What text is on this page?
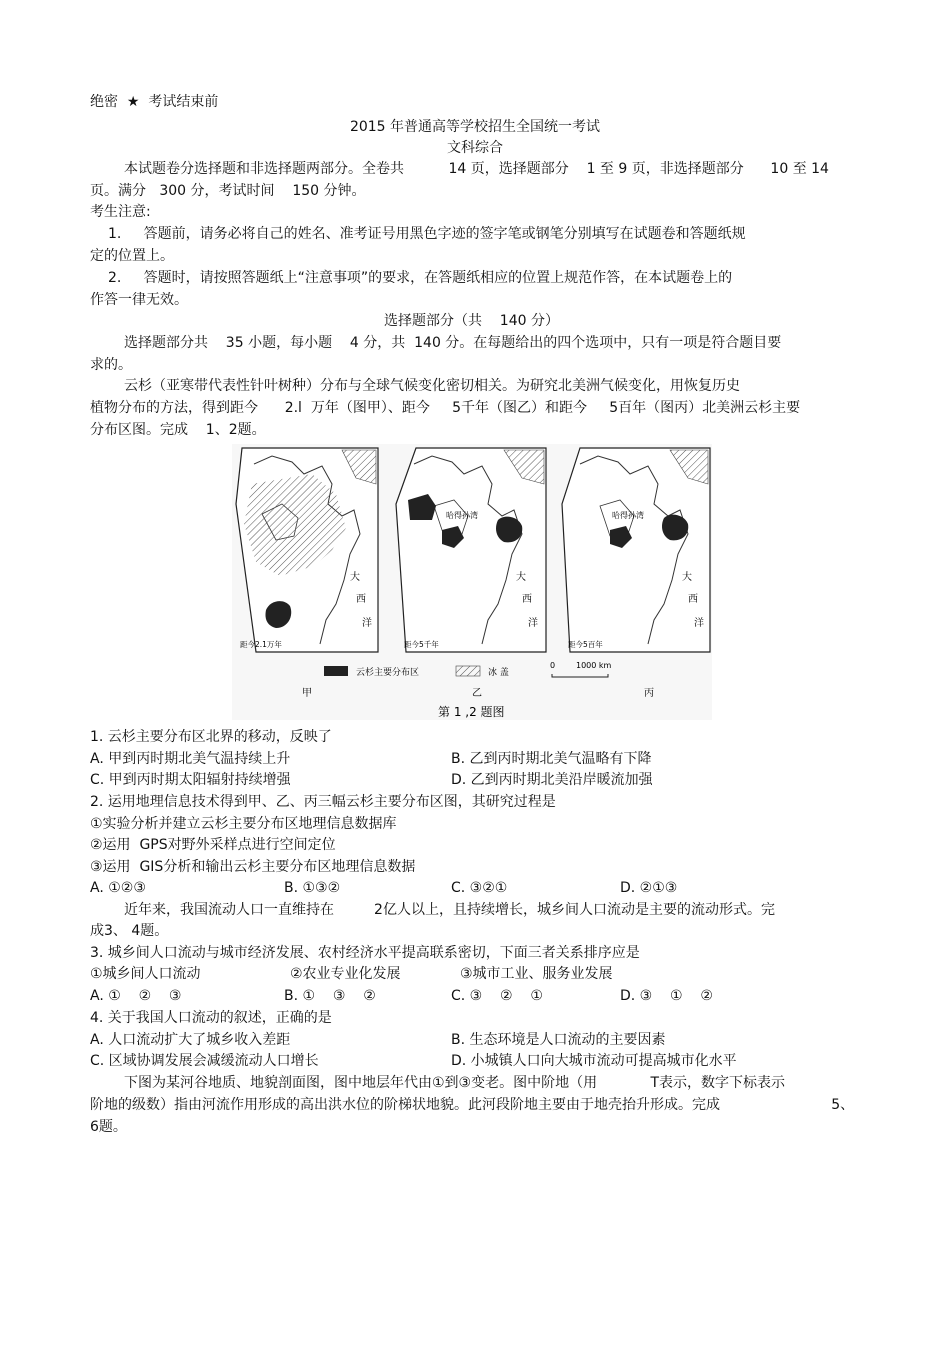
绝密  ★  考试结束前
2015 年普通高等学校招生全国统一考试
文科综合
本试题卷分选择题和非选择题两部分。全卷共          14 页，选择题部分    1 至 9 页，非选择题部分      10 至 14
页。满分   300 分，考试时间    150 分钟。
考生注意:
1.     答题前，请务必将自己的姓名、准考证号用黑色字迹的签字笔或钢笔分别填写在试题卷和答题纸规
定的位置上。
2.     答题时，请按照答题纸上“注意事项”的要求，在答题纸相应的位置上规范作答，在本试题卷上的
作答一律无效。
选择题部分（共    140 分）
选择题部分共    35 小题，每小题    4 分，共  140 分。在每题给出的四个选项中，只有一项是符合题目要
求的。
云杉（亚寒带代表性针叶树种）分布与全球气候变化密切相关。为研究北美洲气候变化，用恢复历史
植物分布的方法，得到距今      2.l  万年（图甲）、距今     5千年（图乙）和距今     5百年（图丙）北美洲云杉主要
分布区图。完成    1、2题。
大
西
洋
距今2.1万年
哈得孙湾
大
西
洋
距今5千年
哈得孙湾
大
西
洋
距今5百年
云杉主要分布区	冰 盖
0	1000 km
甲	乙	丙
第 1 ,2 题图
1. 云杉主要分布区北界的移动，反映了
A. 甲到丙时期北美气温持续上升	B. 乙到丙时期北美气温略有下降
C. 甲到丙时期太阳辐射持续增强	D. 乙到丙时期北美沿岸暖流加强
2. 运用地理信息技术得到甲、乙、丙三幅云杉主要分布区图，其研究过程是
①实验分析并建立云杉主要分布区地理信息数据库
②运用  GPS对野外采样点进行空间定位
③运用  GIS分析和输出云杉主要分布区地理信息数据
A. ①②③	B. ①③②	C. ③②①	D. ②①③
近年来，我国流动人口一直维持在         2亿人以上，且持续增长，城乡间人口流动是主要的流动形式。完
成3、 4题。
3. 城乡间人口流动与城市经济发展、农村经济水平提高联系密切，下面三者关系排序应是
①城乡间人口流动	②农业专业化发展	③城市工业、服务业发展
A. ①    ②    ③	B. ①    ③    ②	C. ③    ②    ①	D. ③    ①    ②
4. 关于我国人口流动的叙述，正确的是
A. 人口流动扩大了城乡收入差距	B. 生态环境是人口流动的主要因素
C. 区域协调发展会减缓流动人口增长	D. 小城镇人口向大城市流动可提高城市化水平
下图为某河谷地质、地貌剖面图，图中地层年代由①到③变老。图中阶地（用            T表示，数字下标表示
阶地的级数）指由河流作用形成的高出洪水位的阶梯状地貌。此河段阶地主要由于地壳抬升形成。完成                         5、
6题。
